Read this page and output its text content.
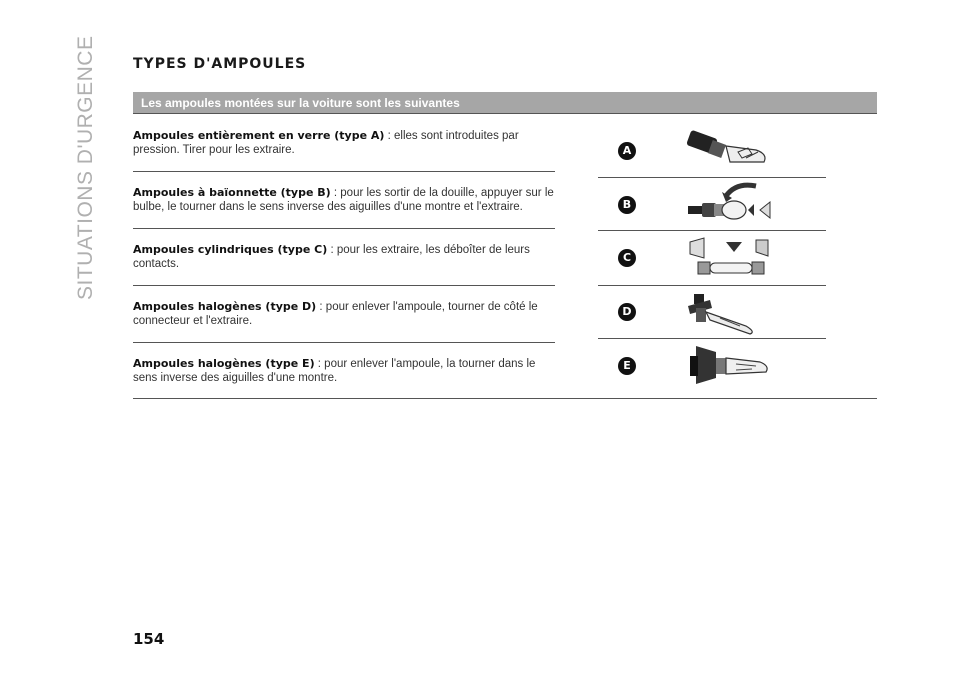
SITUATIONS D'URGENCE	TYPES D'AMPOULES
Les ampoules montées sur la voiture sont les suivantes
Ampoules entièrement en verre (type A) : elles sont introduites par pression. Tirer pour les extraire.
Ampoules à baïonnette (type B) : pour les sortir de la douille, appuyer sur le bulbe, le tourner dans le sens inverse des aiguilles d'une montre et l'extraire.
Ampoules cylindriques (type C) : pour les extraire, les déboîter de leurs contacts.
Ampoules halogènes (type D) : pour enlever l'ampoule, tourner de côté le connecteur et l'extraire.
Ampoules halogènes (type E) : pour enlever l'ampoule, la tourner dans le sens inverse des aiguilles d'une montre.
A
B
C
D
E
154
